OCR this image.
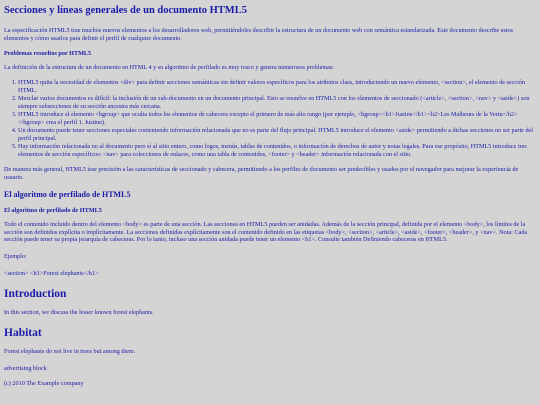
Secciones y líneas generales de un documento HTML5

La especificación HTML5 trae muchos nuevos elementos a los desarrolladores web, permitiéndoles describir la estructura de un documento web con semántica estandarizada. Este documento describe estos elementos y cómo usarlos para definir el perfil de cualquier documento.

Problemas resueltos por HTML5

La definición de la estructura de un documento en HTML 4 y su algoritmo de perfilado es muy tosco y genera numerosos problemas:

1. HTML5 quita la necesidad de elementos <div> para definir secciones semánticas sin definir valores específicos para los atributos class, introduciendo un nuevo elemento, <section>, el elemento de sección HTML.
2. Mezclar varios documentos es difícil: la inclusión de un sub-documento en un documento principal. Esto se resuelve en HTML5 con los elementos de seccionado (<article>, <section>, <nav> y <aside>) son siempre subsecciones de su sección ancestra más cercana.
3. HTML5 introduce el elemento <hgroup> que oculta todos los elementos de cabecera excepto el primero de más alto rango (por ejemplo, <hgroup><h1>Justine</h1><h2>Les Malheurs de la Vertu</h2></hgroup> crea el perfil 1. Justine).
4. Un documento puede tener secciones especiales conteniendo información relacionada que no es parte del flujo principal. HTML5 introduce el elemento <aside> permitiendo a dichas secciones no ser parte del perfil principal.
5. Hay información relacionada no al documento pero sí al sitio entero, como logos, menús, tablas de contenidos, o información de derechos de autor y notas legales. Para ese propósito, HTML5 introduce tres elementos de sección específicos: <nav> para colecciones de enlaces, como una tabla de contenidos, <footer> y <header> información relacionada con el sitio.

De manera más general, HTML5 trae precisión a las características de seccionado y cabecera, permitiendo a los perfiles de documento ser predecibles y usados por el navegador para mejorar la experiencia de usuario.

El algoritmo de perfilado de HTML5
El algoritmo de perfilado de HTML5

Todo el contenido incluido dentro del elemento <body> es parte de una sección. Las secciones en HTML5 pueden ser anidadas. Además de la sección principal, definida por el elemento <body>, los límites de la sección son definidos explícita o implícitamente. La secciones definidas explícitamente son el contenido definido en las etiquetas <body>, <section>, <article>, <aside>, <footer>, <header>, y <nav>. Nota: Cada sección puede tener su propia jerarquía de cabeceras. Por lo tanto, incluso una sección anidada puede tener un elemento <h1>. Consulte también Definiendo cabeceras en HTML5.

Ejemplo:

<section> <h1>Forest elephants</h1>

Introduction

In this section, we discuss the lesser known forest elephants.

Habitat

Forest elephants do not live in trees but among them.

advertising block

(c) 2010 The Example company
